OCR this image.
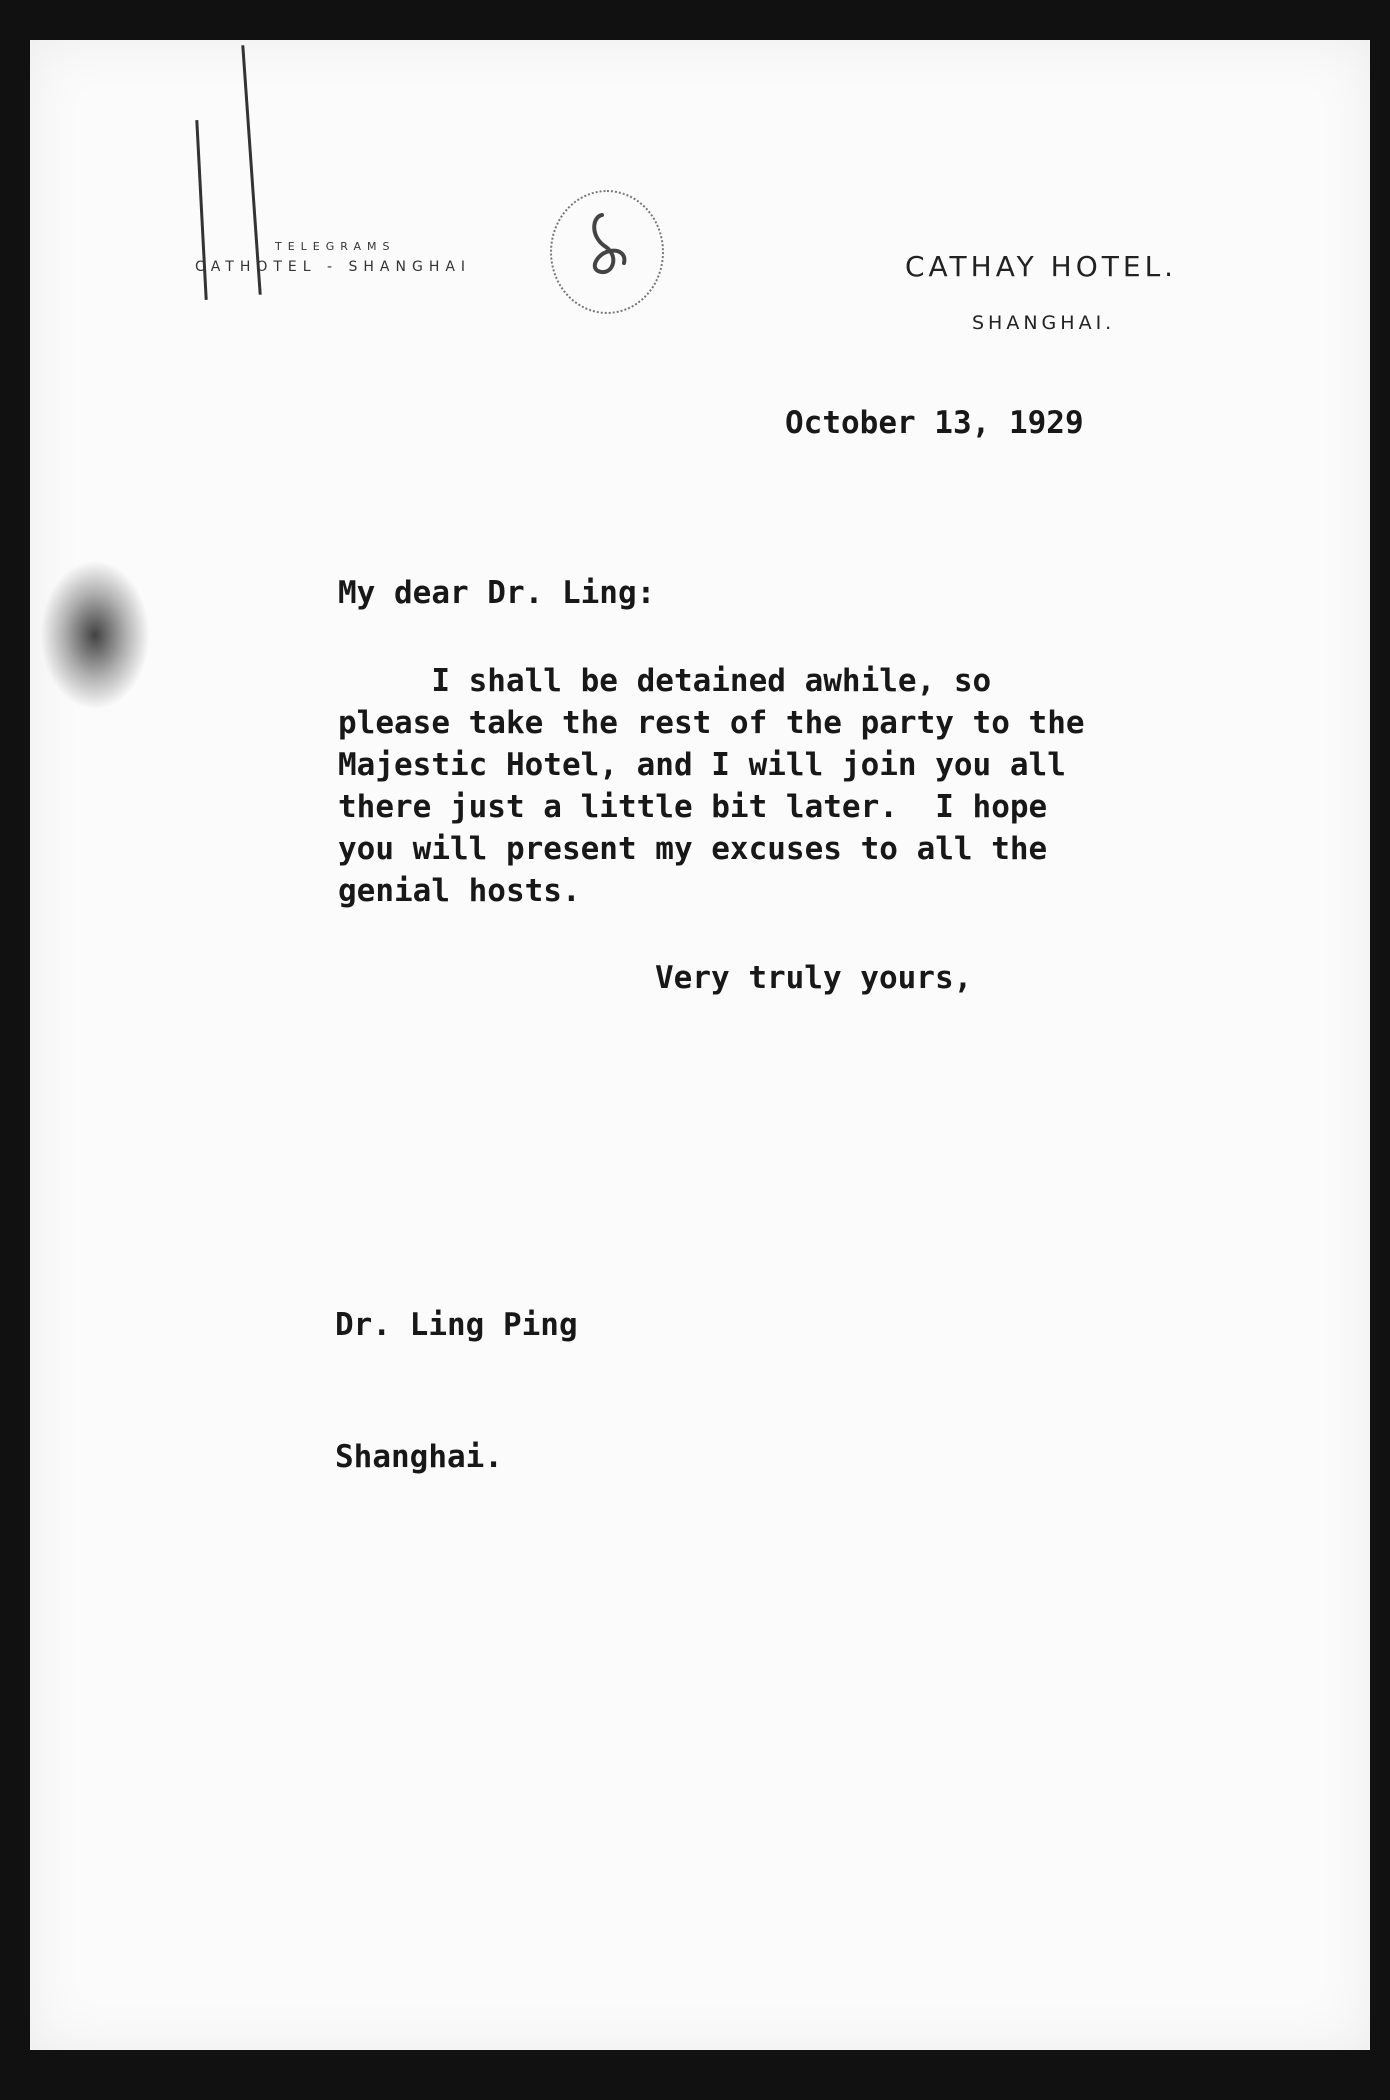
TELEGRAMS
CATHOTEL - SHANGHAI	CATHAY HOTEL.
SHANGHAI.
October 13, 1929
My dear Dr. Ling:
I shall be detained awhile, so
please take the rest of the party to the
Majestic Hotel, and I will join you all
there just a little bit later.  I hope
you will present my excuses to all the
genial hosts.
Very truly yours,

Dr. Ling Ping

Shanghai.
